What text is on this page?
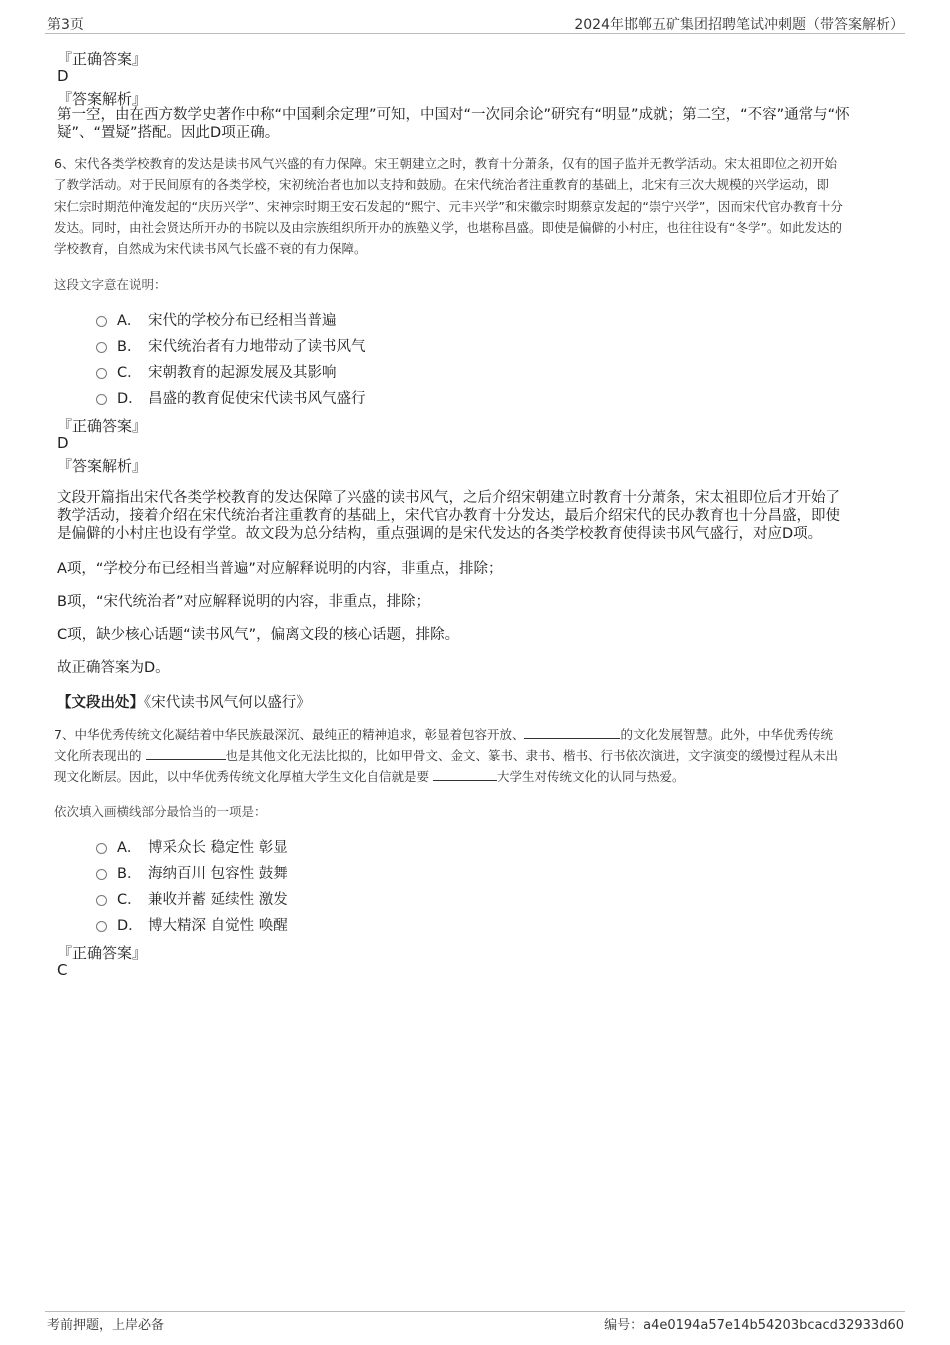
第3页	2024年邯郸五矿集团招聘笔试冲刺题（带答案解析）
『正确答案』
D
『答案解析』
第一空，由在西方数学史著作中称“中国剩余定理”可知，中国对“一次同余论”研究有“明显”成就；第二空，“不容”通常与“怀
疑”、“置疑”搭配。因此D项正确。
6、宋代各类学校教育的发达是读书风气兴盛的有力保障。宋王朝建立之时，教育十分萧条，仅有的国子监并无教学活动。宋太祖即位之初开始
了教学活动。对于民间原有的各类学校，宋初统治者也加以支持和鼓励。在宋代统治者注重教育的基础上，北宋有三次大规模的兴学运动，即
宋仁宗时期范仲淹发起的“庆历兴学”、宋神宗时期王安石发起的“熙宁、元丰兴学”和宋徽宗时期蔡京发起的“崇宁兴学”，因而宋代官办教育十分
发达。同时，由社会贤达所开办的书院以及由宗族组织所开办的族塾义学，也堪称昌盛。即使是偏僻的小村庄，也往往设有“冬学”。如此发达的
学校教育，自然成为宋代读书风气长盛不衰的有力保障。
这段文字意在说明：
A． 宋代的学校分布已经相当普遍
B． 宋代统治者有力地带动了读书风气
C． 宋朝教育的起源发展及其影响
D． 昌盛的教育促使宋代读书风气盛行
『正确答案』
D
『答案解析』
文段开篇指出宋代各类学校教育的发达保障了兴盛的读书风气，之后介绍宋朝建立时教育十分萧条，宋太祖即位后才开始了
教学活动，接着介绍在宋代统治者注重教育的基础上，宋代官办教育十分发达，最后介绍宋代的民办教育也十分昌盛，即使
是偏僻的小村庄也设有学堂。故文段为总分结构，重点强调的是宋代发达的各类学校教育使得读书风气盛行，对应D项。
A项，“学校分布已经相当普遍”对应解释说明的内容，非重点，排除；
B项，“宋代统治者”对应解释说明的内容，非重点，排除；
C项，缺少核心话题“读书风气”，偏离文段的核心话题，排除。
故正确答案为D。
【文段出处】《宋代读书风气何以盛行》
7、中华优秀传统文化凝结着中华民族最深沉、最纯正的精神追求，彰显着包容开放、	的文化发展智慧。此外，中华优秀传统
文化所表现出的	也是其他文化无法比拟的，比如甲骨文、金文、篆书、隶书、楷书、行书依次演进，文字演变的缓慢过程从未出
现文化断层。因此，以中华优秀传统文化厚植大学生文化自信就是要	大学生对传统文化的认同与热爱。
依次填入画横线部分最恰当的一项是：
A． 博采众长 稳定性 彰显
B． 海纳百川 包容性 鼓舞
C． 兼收并蓄 延续性 激发
D． 博大精深 自觉性 唤醒
『正确答案』
C
考前押题，上岸必备	编号：a4e0194a57e14b54203bcacd32933d60
